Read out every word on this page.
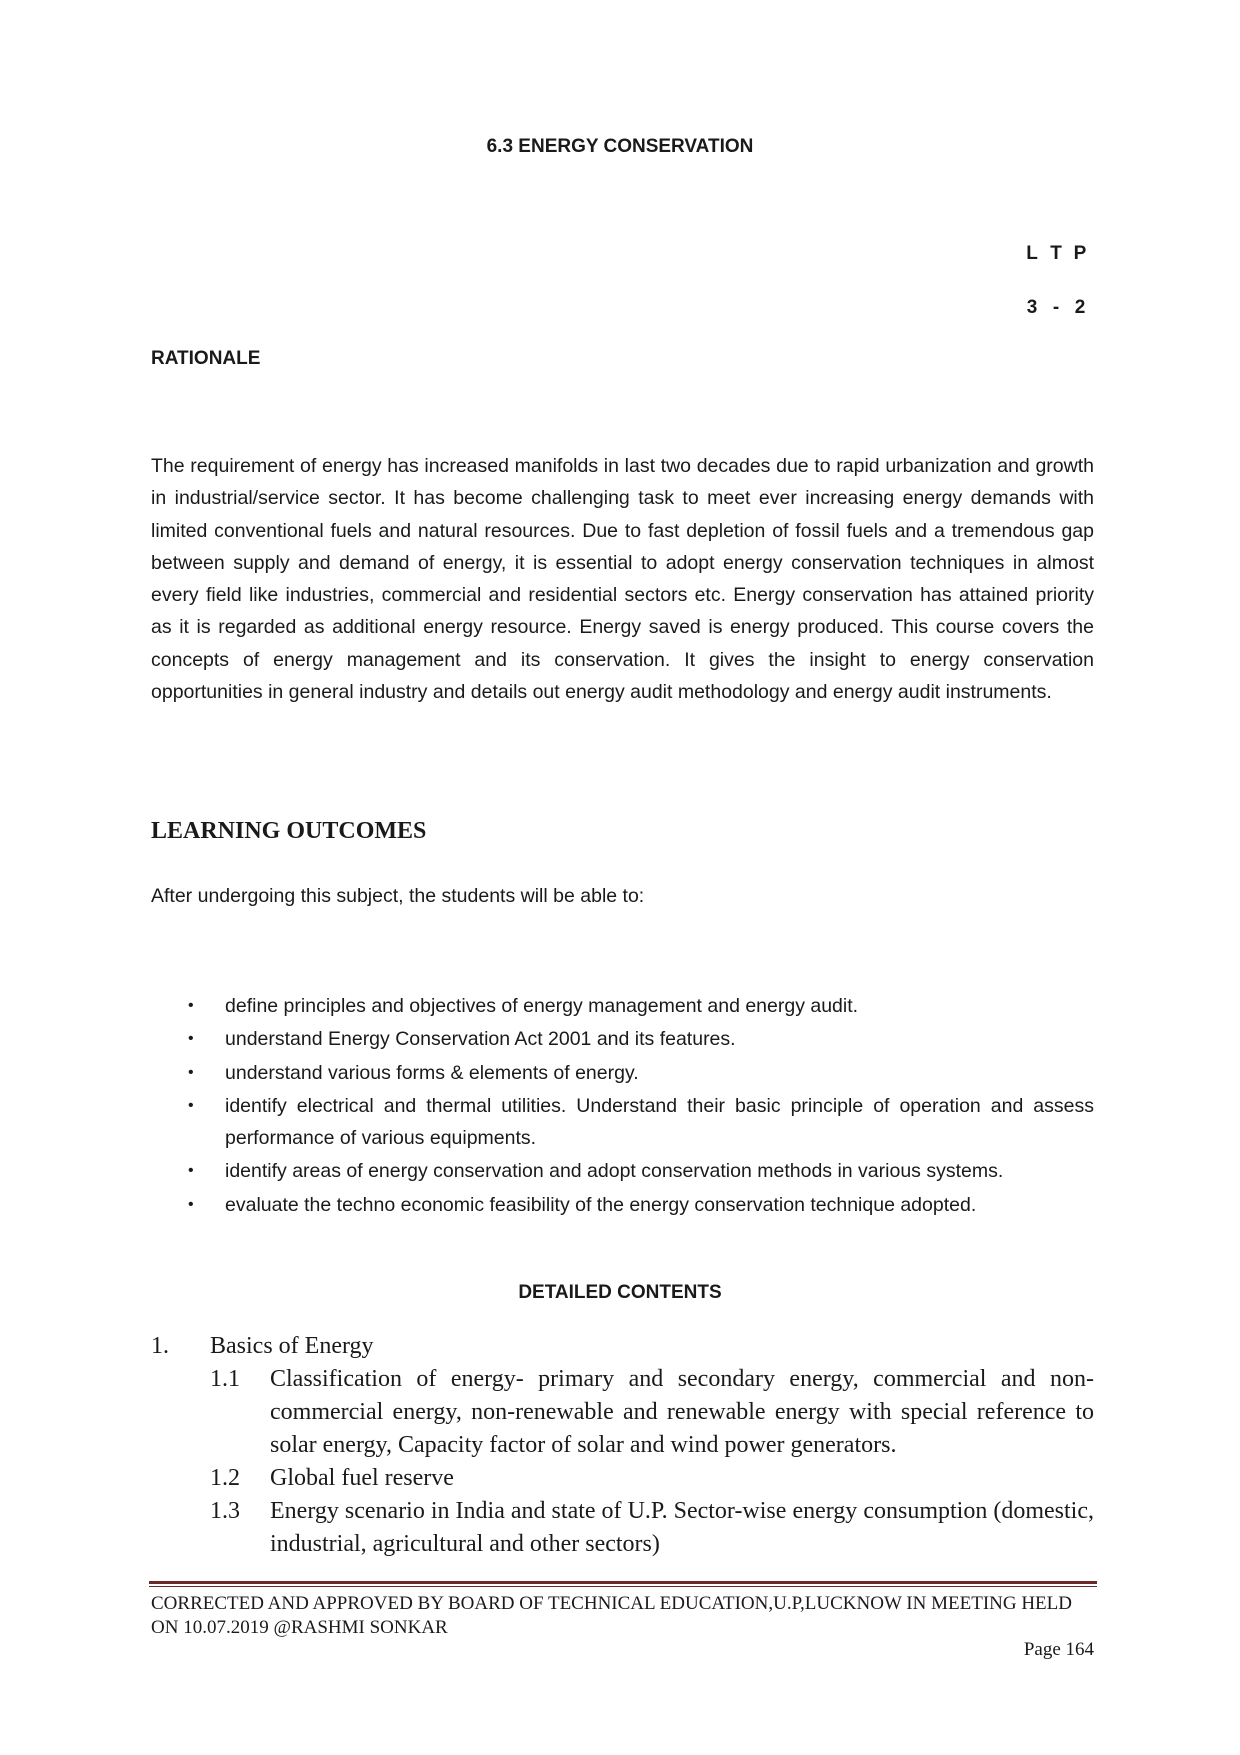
6.3 ENERGY CONSERVATION
L T P
3 - 2
RATIONALE
The requirement of energy has increased manifolds in last two decades due to rapid urbanization and growth in industrial/service sector. It has become challenging task to meet ever increasing energy demands with limited conventional fuels and natural resources. Due to fast depletion of fossil fuels and a tremendous gap between supply and demand of energy, it is essential to adopt energy conservation techniques in almost every field like industries, commercial and residential sectors etc. Energy conservation has attained priority as it is regarded as additional energy resource. Energy saved is energy produced. This course covers the concepts of energy management and its conservation. It gives the insight to energy conservation opportunities in general industry and details out energy audit methodology and energy audit instruments.
LEARNING OUTCOMES
After undergoing this subject, the students will be able to:
• define principles and objectives of energy management and energy audit.
• understand Energy Conservation Act 2001 and its features.
• understand various forms & elements of energy.
• identify electrical and thermal utilities. Understand their basic principle of operation and assess performance of various equipments.
• identify areas of energy conservation and adopt conservation methods in various systems.
• evaluate the techno economic feasibility of the energy conservation technique adopted.
DETAILED CONTENTS
1. Basics of Energy
1.1 Classification of energy- primary and secondary energy, commercial and non-commercial energy, non-renewable and renewable energy with special reference to solar energy, Capacity factor of solar and wind power generators.
1.2 Global fuel reserve
1.3 Energy scenario in India and state of U.P. Sector-wise energy consumption (domestic, industrial, agricultural and other sectors)
CORRECTED AND APPROVED BY BOARD OF TECHNICAL EDUCATION,U.P,LUCKNOW IN MEETING HELD ON 10.07.2019 @RASHMI SONKAR
Page 164
